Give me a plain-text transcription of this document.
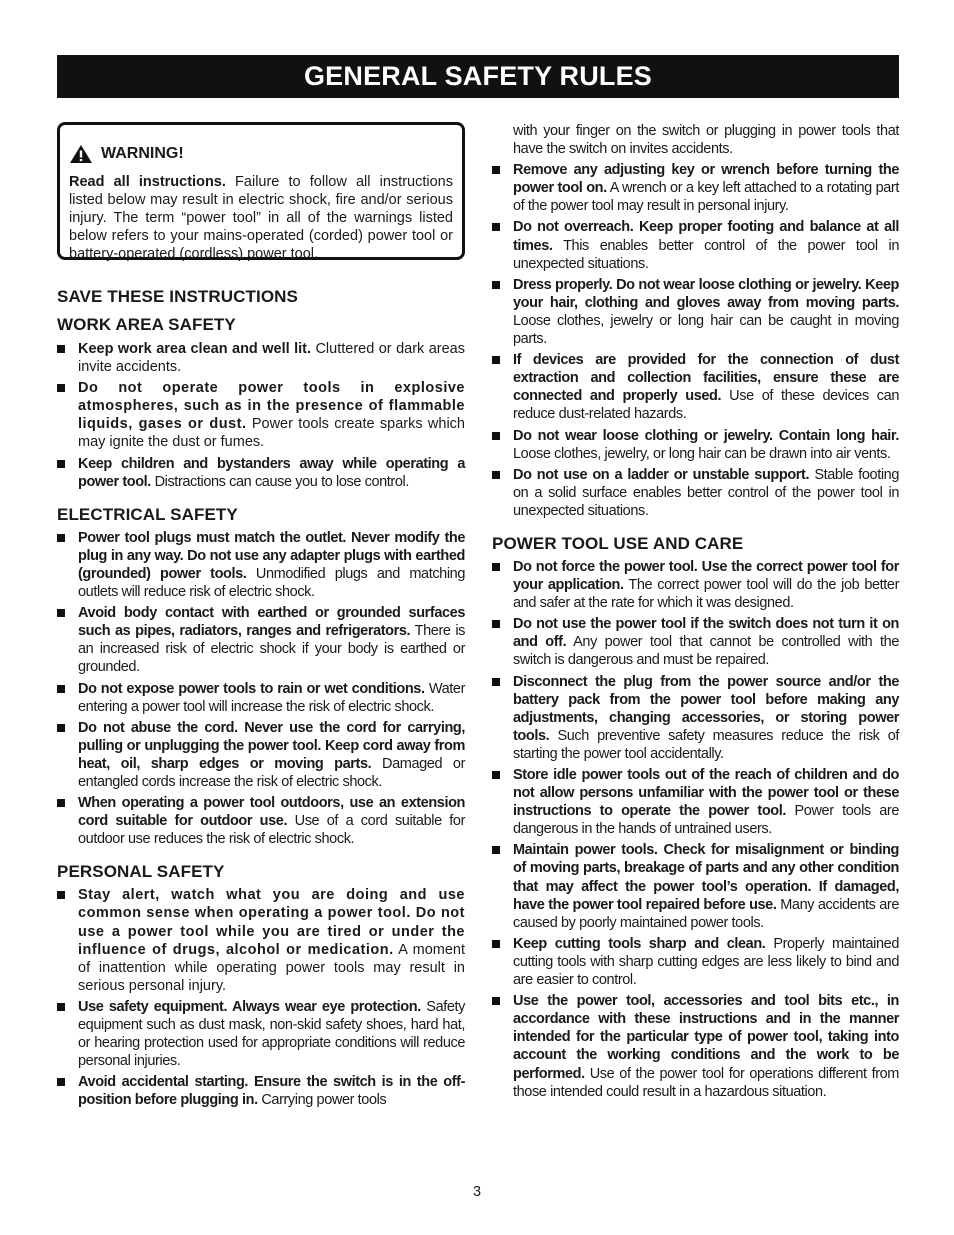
GENERAL SAFETY RULES
WARNING!

Read all instructions. Failure to follow all instructions listed below may result in electric shock, fire and/or serious injury. The term “power tool” in all of the warnings listed below refers to your mains-operated (corded) power tool or battery-operated (cordless) power tool.

SAVE THESE INSTRUCTIONS
WORK AREA SAFETY
Keep work area clean and well lit. Cluttered or dark areas invite accidents.
Do not operate power tools in explosive atmospheres, such as in the presence of flammable liquids, gases or dust. Power tools create sparks which may ignite the dust or fumes.
Keep children and bystanders away while operating a power tool. Distractions can cause you to lose control.
ELECTRICAL SAFETY
Power tool plugs must match the outlet. Never modify the plug in any way. Do not use any adapter plugs with earthed (grounded) power tools. Unmodified plugs and matching outlets will reduce risk of electric shock.
Avoid body contact with earthed or grounded surfaces such as pipes, radiators, ranges and refrigerators. There is an increased risk of electric shock if your body is earthed or grounded.
Do not expose power tools to rain or wet conditions. Water entering a power tool will increase the risk of electric shock.
Do not abuse the cord. Never use the cord for carrying, pulling or unplugging the power tool. Keep cord away from heat, oil, sharp edges or moving parts. Damaged or entangled cords increase the risk of electric shock.
When operating a power tool outdoors, use an extension cord suitable for outdoor use. Use of a cord suitable for outdoor use reduces the risk of electric shock.
PERSONAL SAFETY
Stay alert, watch what you are doing and use common sense when operating a power tool. Do not use a power tool while you are tired or under the influence of drugs, alcohol or medication. A moment of inattention while operating power tools may result in serious personal injury.
Use safety equipment. Always wear eye protection. Safety equipment such as dust mask, non-skid safety shoes, hard hat, or hearing protection used for appropriate conditions will reduce personal injuries.
Avoid accidental starting. Ensure the switch is in the off-position before plugging in. Carrying power tools

with your finger on the switch or plugging in power tools that have the switch on invites accidents.

Remove any adjusting key or wrench before turning the power tool on. A wrench or a key left attached to a rotating part of the power tool may result in personal injury.
Do not overreach. Keep proper footing and balance at all times. This enables better control of the power tool in unexpected situations.
Dress properly. Do not wear loose clothing or jewelry. Keep your hair, clothing and gloves away from moving parts. Loose clothes, jewelry or long hair can be caught in moving parts.
If devices are provided for the connection of dust extraction and collection facilities, ensure these are connected and properly used. Use of these devices can reduce dust-related hazards.
Do not wear loose clothing or jewelry. Contain long hair. Loose clothes, jewelry, or long hair can be drawn into air vents.
Do not use on a ladder or unstable support. Stable footing on a solid surface enables better control of the power tool in unexpected situations.
POWER TOOL USE AND CARE
Do not force the power tool. Use the correct power tool for your application. The correct power tool will do the job better and safer at the rate for which it was designed.
Do not use the power tool if the switch does not turn it on and off. Any power tool that cannot be controlled with the switch is dangerous and must be repaired.
Disconnect the plug from the power source and/or the battery pack from the power tool before making any adjustments, changing accessories, or storing power tools. Such preventive safety measures reduce the risk of starting the power tool accidentally.
Store idle power tools out of the reach of children and do not allow persons unfamiliar with the power tool or these instructions to operate the power tool. Power tools are dangerous in the hands of untrained users.
Maintain power tools. Check for misalignment or binding of moving parts, breakage of parts and any other condition that may affect the power tool’s operation. If damaged, have the power tool repaired before use. Many accidents are caused by poorly maintained power tools.
Keep cutting tools sharp and clean. Properly maintained cutting tools with sharp cutting edges are less likely to bind and are easier to control.
Use the power tool, accessories and tool bits etc., in accordance with these instructions and in the manner intended for the particular type of power tool, taking into account the working conditions and the work to be performed. Use of the power tool for operations different from those intended could result in a hazardous situation.
3
